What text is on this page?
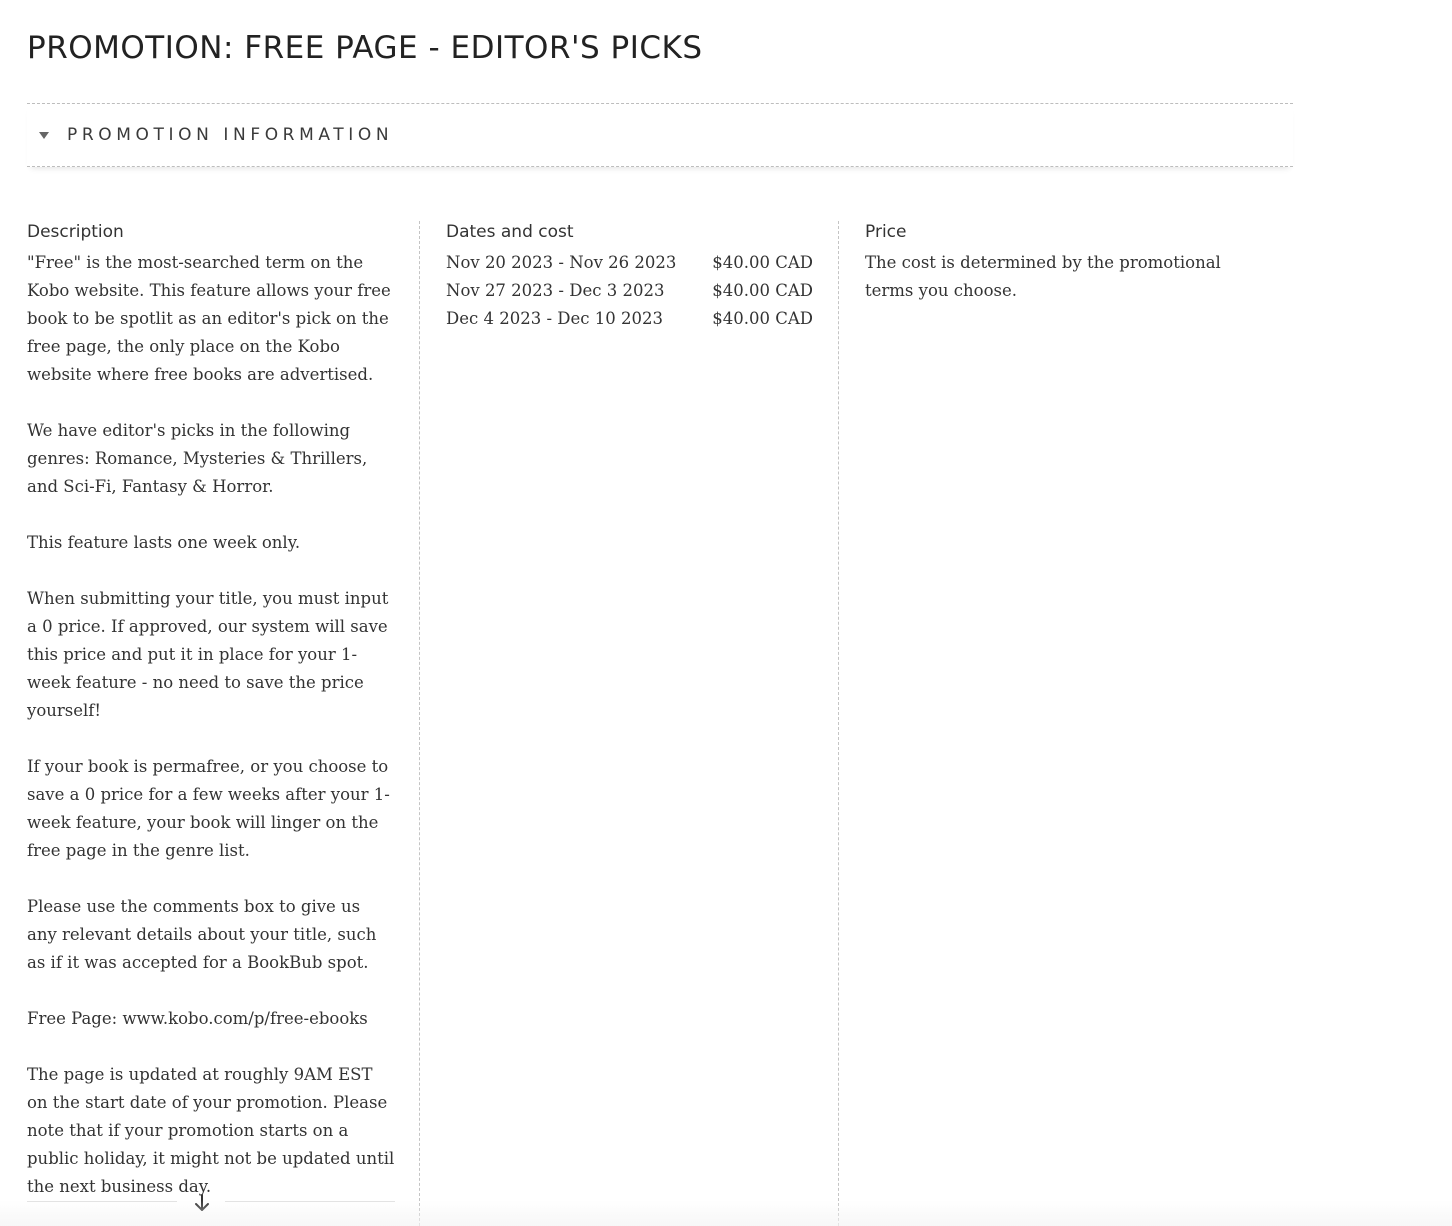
PROMOTION: FREE PAGE - EDITOR'S PICKS
PROMOTION INFORMATION
Description

"Free" is the most-searched term on the Kobo website. This feature allows your free book to be spotlit as an editor's pick on the free page, the only place on the Kobo website where free books are advertised.

We have editor's picks in the following genres: Romance, Mysteries & Thrillers, and Sci-Fi, Fantasy & Horror.

This feature lasts one week only.

When submitting your title, you must input a 0 price. If approved, our system will save this price and put it in place for your 1-week feature - no need to save the price yourself!

If your book is permafree, or you choose to save a 0 price for a few weeks after your 1-week feature, your book will linger on the free page in the genre list.

Please use the comments box to give us any relevant details about your title, such as if it was accepted for a BookBub spot.

Free Page: www.kobo.com/p/free-ebooks

The page is updated at roughly 9AM EST on the start date of your promotion. Please note that if your promotion starts on a public holiday, it might not be updated until the next business day.

Dates and cost
Nov 20 2023 - Nov 26 2023 $40.00 CAD
Nov 27 2023 - Dec 3 2023	$40.00 CAD
Dec 4 2023 - Dec 10 2023	$40.00 CAD
Price

The cost is determined by the promotional terms you choose.
